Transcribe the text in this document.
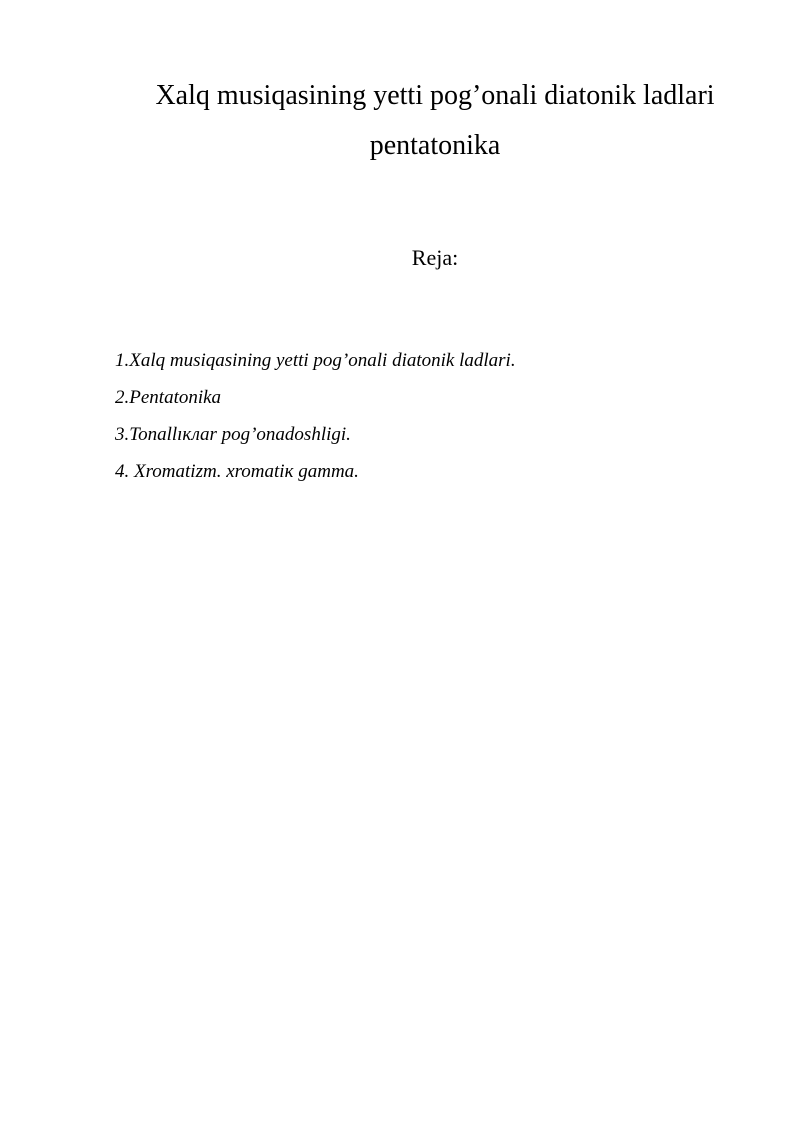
Xalq musiqasining yetti pog’onali diatonik ladlari
pentatonika
Reja:
1.Xalq musiqasining yetti pog’onali diatonik ladlari.
2.Pentatonika
3.Tonallıклar pog’onadoshligi.
4. Xromatizm. xromatiк gamma.
